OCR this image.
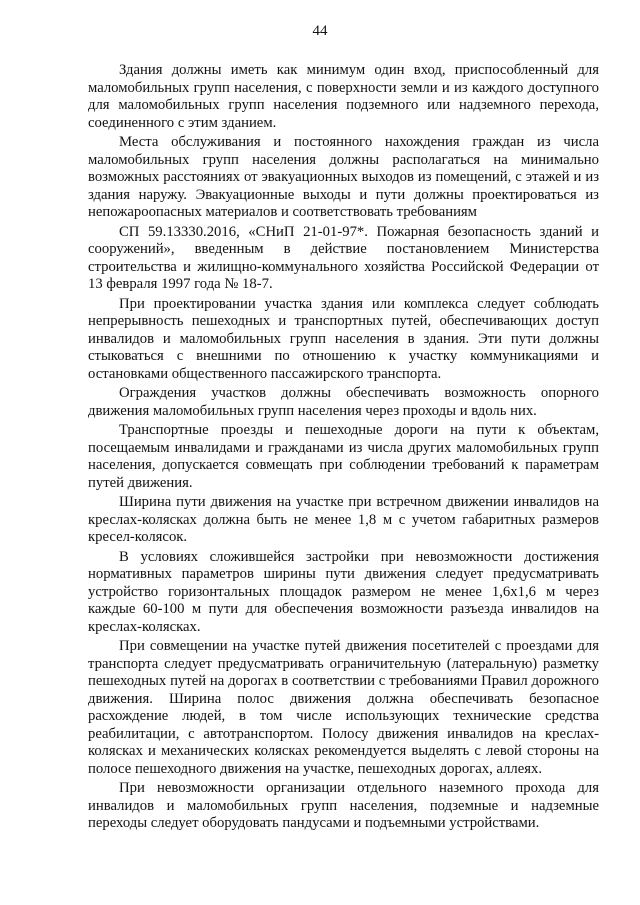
44

Здания должны иметь как минимум один вход, приспособленный для маломобильных групп населения, с поверхности земли и из каждого доступного для маломобильных групп населения подземного или надземного перехода, соединенного с этим зданием.

Места обслуживания и постоянного нахождения граждан из числа маломобильных групп населения должны располагаться на минимально возможных расстояниях от эвакуационных выходов из помещений, с этажей и из здания наружу. Эвакуационные выходы и пути должны проектироваться из непожароопасных материалов и соответствовать требованиям

СП 59.13330.2016, «СНиП 21-01-97*. Пожарная безопасность зданий и сооружений», введенным в действие постановлением Министерства строительства и жилищно-коммунального хозяйства Российской Федерации от 13 февраля 1997 года № 18-7.

При проектировании участка здания или комплекса следует соблюдать непрерывность пешеходных и транспортных путей, обеспечивающих доступ инвалидов и маломобильных групп населения в здания. Эти пути должны стыковаться с внешними по отношению к участку коммуникациями и остановками общественного пассажирского транспорта.

Ограждения участков должны обеспечивать возможность опорного движения маломобильных групп населения через проходы и вдоль них.

Транспортные проезды и пешеходные дороги на пути к объектам, посещаемым инвалидами и гражданами из числа других маломобильных групп населения, допускается совмещать при соблюдении требований к параметрам путей движения.

Ширина пути движения на участке при встречном движении инвалидов на креслах-колясках должна быть не менее 1,8 м с учетом габаритных размеров кресел-колясок.

В условиях сложившейся застройки при невозможности достижения нормативных параметров ширины пути движения следует предусматривать устройство горизонтальных площадок размером не менее 1,6х1,6 м через каждые 60-100 м пути для обеспечения возможности разъезда инвалидов на креслах-колясках.

При совмещении на участке путей движения посетителей с проездами для транспорта следует предусматривать ограничительную (латеральную) разметку пешеходных путей на дорогах в соответствии с требованиями Правил дорожного движения. Ширина полос движения должна обеспечивать безопасное расхождение людей, в том числе использующих технические средства реабилитации, с автотранспортом. Полосу движения инвалидов на креслах-колясках и механических колясках рекомендуется выделять с левой стороны на полосе пешеходного движения на участке, пешеходных дорогах, аллеях.

При невозможности организации отдельного наземного прохода для инвалидов и маломобильных групп населения, подземные и надземные переходы следует оборудовать пандусами и подъемными устройствами.
